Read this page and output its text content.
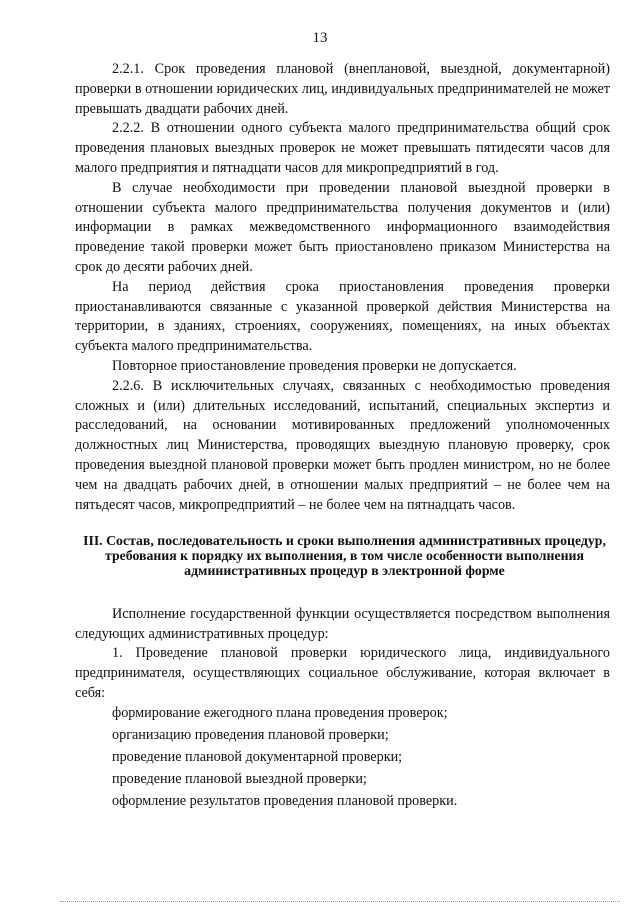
13

2.2.1. Срок проведения плановой (внеплановой, выездной, документарной) проверки в отношении юридических лиц, индивидуальных предпринимателей не может превышать двадцати рабочих дней.

2.2.2. В отношении одного субъекта малого предпринимательства общий срок проведения плановых выездных проверок не может превышать пятидесяти часов для малого предприятия и пятнадцати часов для микропредприятий в год.

В случае необходимости при проведении плановой выездной проверки в отношении субъекта малого предпринимательства получения документов и (или) информации в рамках межведомственного информационного взаимодействия проведение такой проверки может быть приостановлено приказом Министерства на срок до десяти рабочих дней.

На период действия срока приостановления проведения проверки приостанавливаются связанные с указанной проверкой действия Министерства на территории, в зданиях, строениях, сооружениях, помещениях, на иных объектах субъекта малого предпринимательства.

Повторное приостановление проведения проверки не допускается.

2.2.6. В исключительных случаях, связанных с необходимостью проведения сложных и (или) длительных исследований, испытаний, специальных экспертиз и расследований, на основании мотивированных предложений уполномоченных должностных лиц Министерства, проводящих выездную плановую проверку, срок проведения выездной плановой проверки может быть продлен министром, но не более чем на двадцать рабочих дней, в отношении малых предприятий – не более чем на пятьдесят часов, микропредприятий – не более чем на пятнадцать часов.

III. Состав, последовательность и сроки выполнения административных процедур, требования к порядку их выполнения, в том числе особенности выполнения административных процедур в электронной форме

Исполнение государственной функции осуществляется посредством выполнения следующих административных процедур:

1. Проведение плановой проверки юридического лица, индивидуального предпринимателя, осуществляющих социальное обслуживание, которая включает в себя:

формирование ежегодного плана проведения проверок;

организацию проведения плановой проверки;

проведение плановой документарной проверки;

проведение плановой выездной проверки;

оформление результатов проведения плановой проверки.
